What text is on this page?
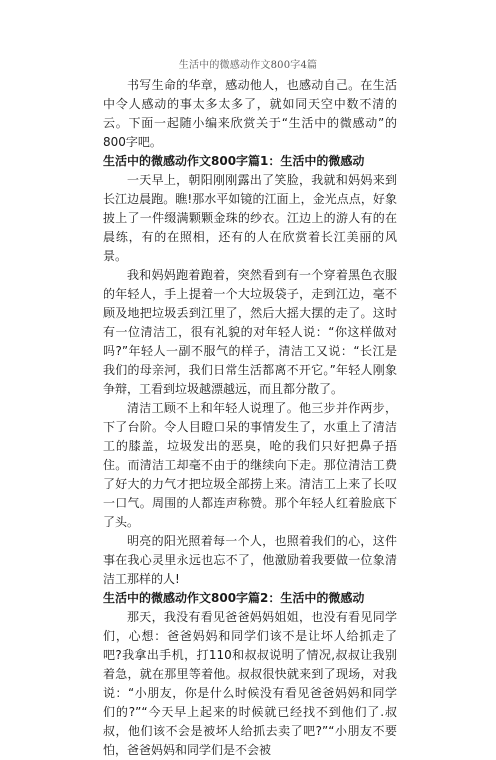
生活中的微感动作文800字4篇

书写生命的华章，感动他人，也感动自己。在生活中令人感动的事太多太多了，就如同天空中数不清的云。下面一起随小编来欣赏关于“生活中的微感动”的800字吧。

生活中的微感动作文800字篇1：生活中的微感动

一天早上，朝阳刚刚露出了笑脸，我就和妈妈来到长江边晨跑。瞧!那水平如镜的江面上，金光点点，好象披上了一件缀满颗颗金珠的纱衣。江边上的游人有的在晨练，有的在照相，还有的人在欣赏着长江美丽的风景。

我和妈妈跑着跑着，突然看到有一个穿着黑色衣服的年轻人，手上提着一个大垃圾袋子，走到江边，毫不顾及地把垃圾丢到江里了，然后大摇大摆的走了。这时有一位清洁工，很有礼貌的对年轻人说：“你这样做对吗?”年轻人一副不服气的样子，清洁工又说：“长江是我们的母亲河，我们日常生活都离不开它。”年轻人刚象争辩，工看到垃圾越漂越远，而且都分散了。

清洁工顾不上和年轻人说理了。他三步并作两步，下了台阶。令人目瞪口呆的事情发生了，水重上了清洁工的膝盖，垃圾发出的恶臭，呛的我们只好把鼻子捂住。而清洁工却毫不由于的继续向下走。那位清洁工费了好大的力气才把垃圾全部捞上来。清洁工上来了长叹一口气。周围的人都连声称赞。那个年轻人红着脸底下了头。

明亮的阳光照着每一个人，也照着我们的心，这件事在我心灵里永远也忘不了，他激励着我要做一位象清洁工那样的人!

生活中的微感动作文800字篇2：生活中的微感动

那天，我没有看见爸爸妈妈姐姐，也没有看见同学们，心想：爸爸妈妈和同学们该不是让坏人给抓走了吧?我拿出手机，打110和叔叔说明了情况,叔叔让我别着急，就在那里等着他。叔叔很快就来到了现场，对我说：“小朋友，你是什么时候没有看见爸爸妈妈和同学们的?”“今天早上起来的时候就已经找不到他们了.叔叔，他们该不会是被坏人给抓去卖了吧?”“小朋友不要怕，爸爸妈妈和同学们是不会被
